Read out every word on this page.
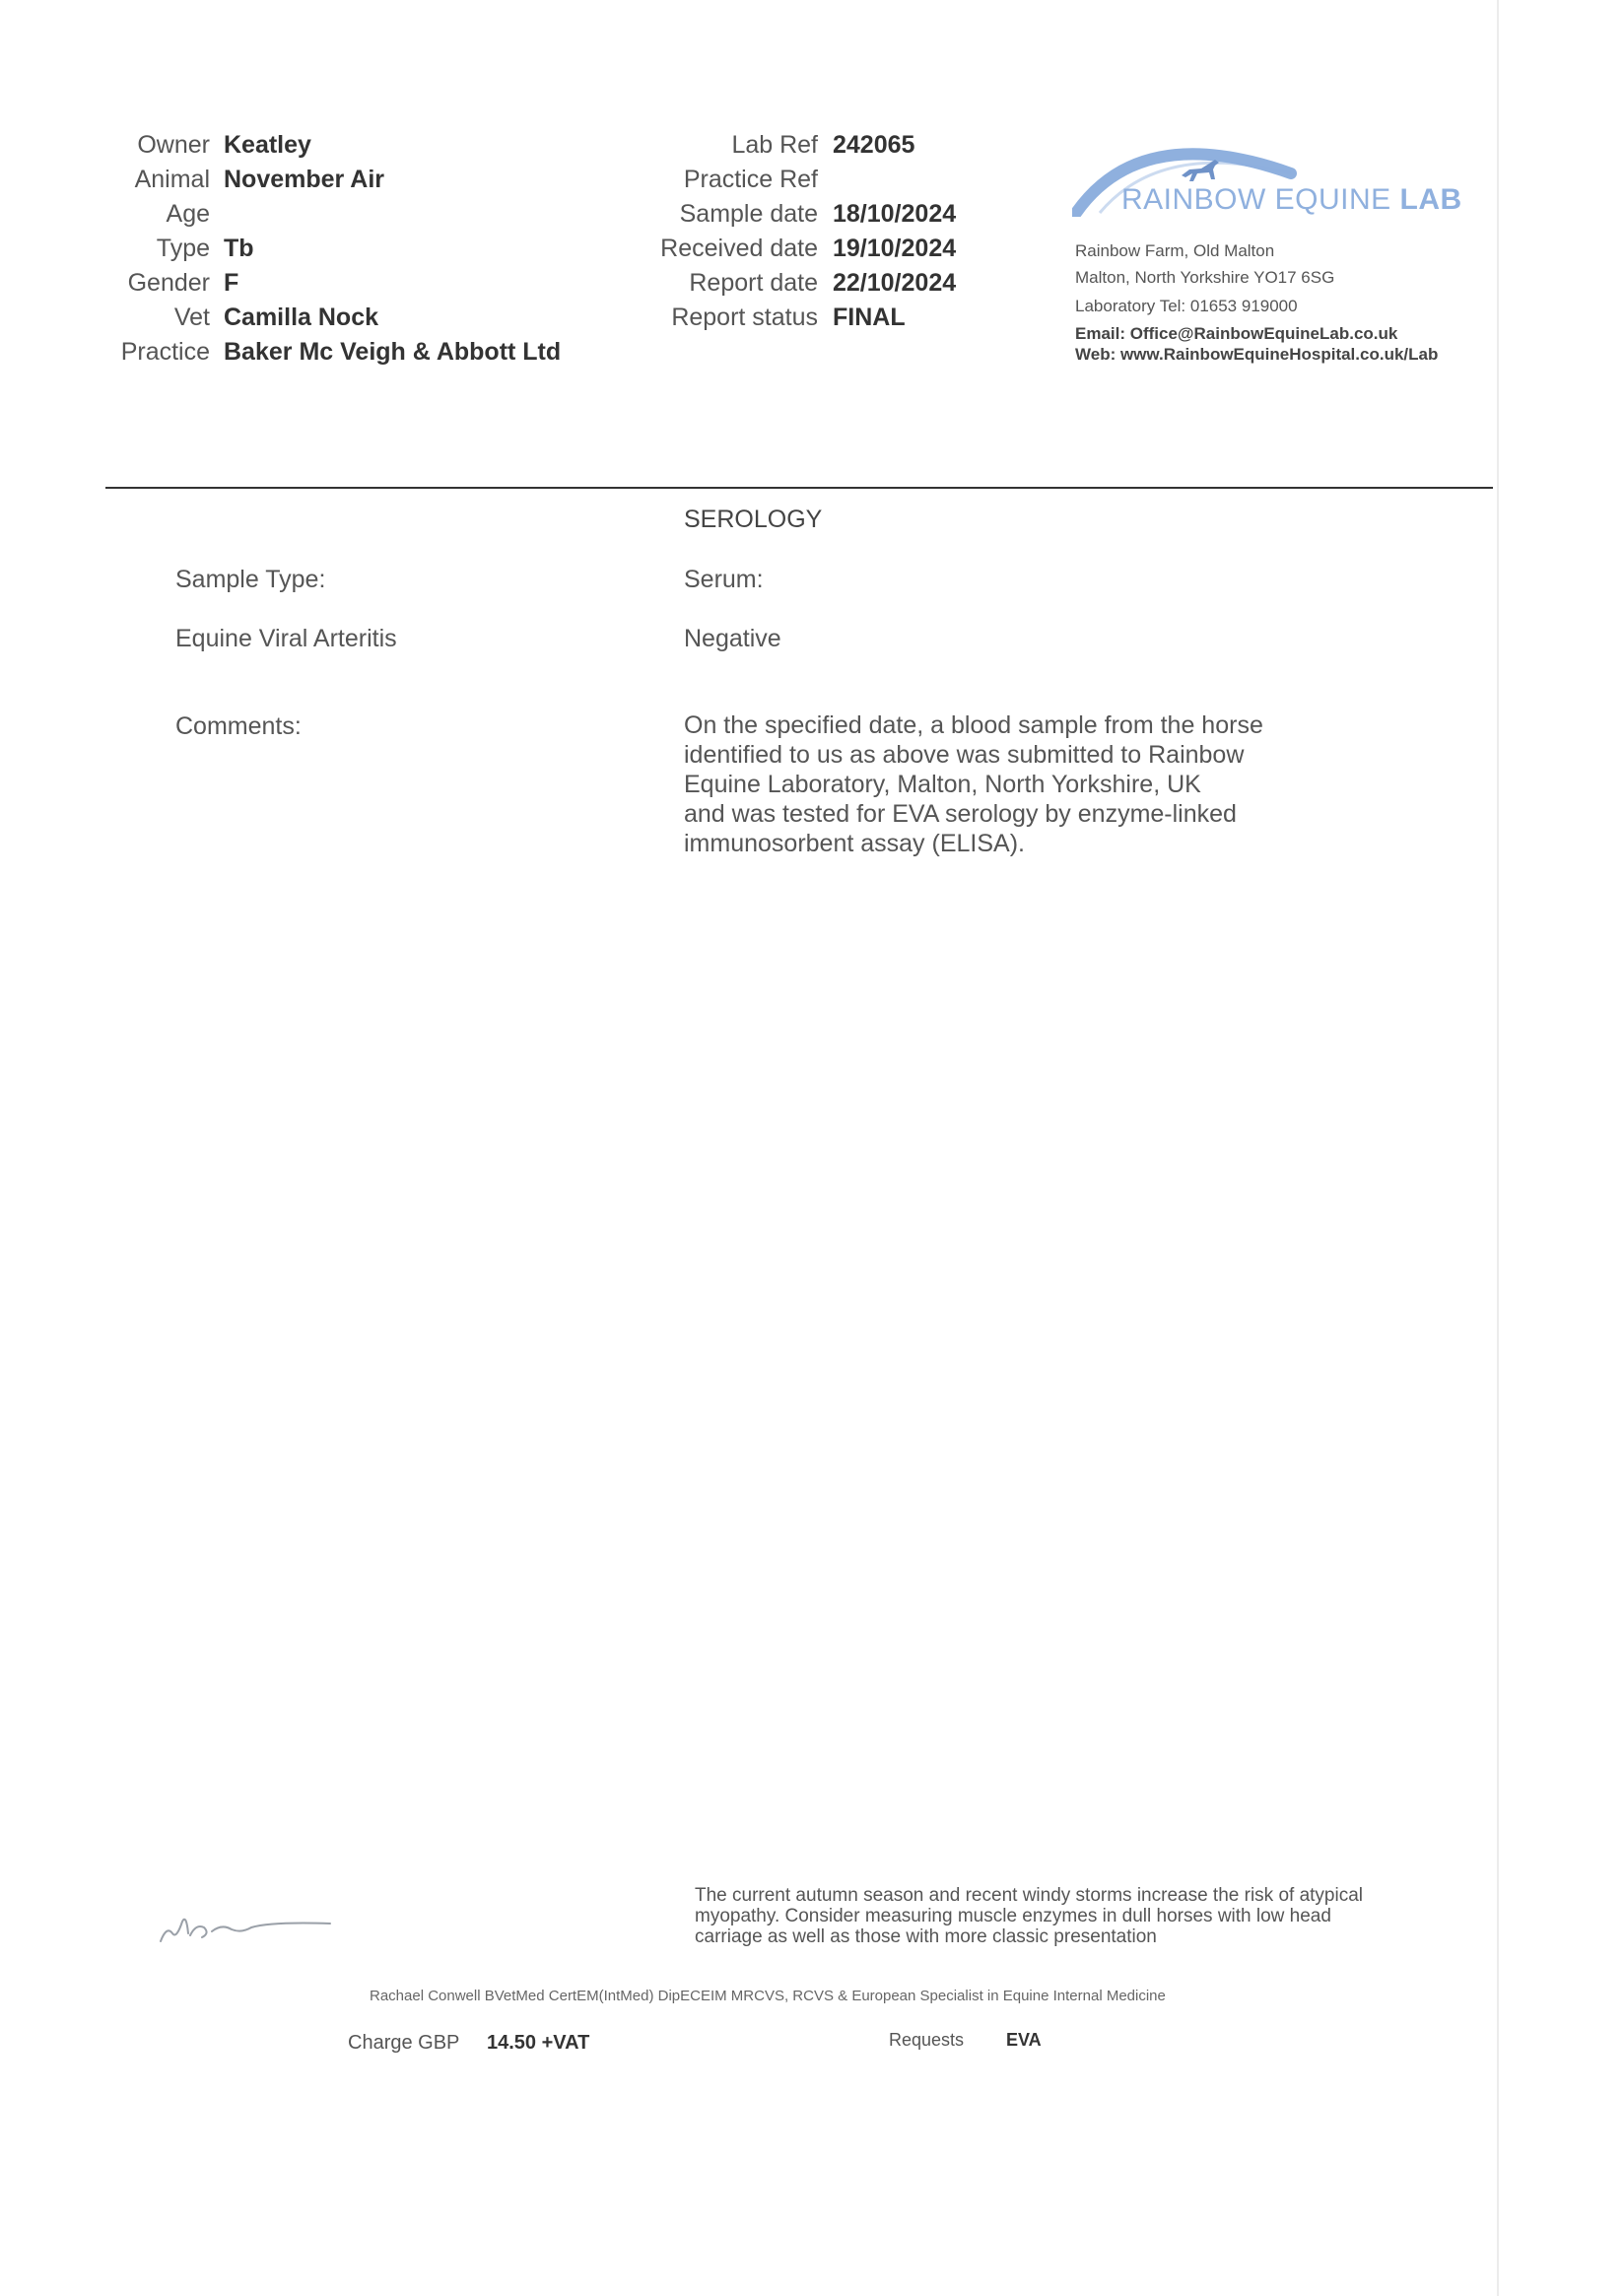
Owner Keatley
Animal November Air
Age
Type Tb
Gender F
Vet Camilla Nock
Practice Baker Mc Veigh & Abbott Ltd
Lab Ref 242065
Practice Ref
Sample date 18/10/2024
Received date 19/10/2024
Report date 22/10/2024
Report status FINAL
RAINBOW EQUINE LAB
Rainbow Farm, Old Malton
Malton, North Yorkshire YO17 6SG
Laboratory Tel: 01653 919000
Email: Office@RainbowEquineLab.co.uk
Web: www.RainbowEquineHospital.co.uk/Lab
SEROLOGY
Sample Type:	Serum:
Equine Viral Arteritis	Negative
Comments:	On the specified date, a blood sample from the horse
identified to us as above was submitted to Rainbow
Equine Laboratory, Malton, North Yorkshire, UK
and was tested for EVA serology by enzyme-linked
immunosorbent assay (ELISA).
The current autumn season and recent windy storms increase the risk of atypical
myopathy. Consider measuring muscle enzymes in dull horses with low head
carriage as well as those with more classic presentation
Rachael Conwell BVetMed CertEM(IntMed) DipECEIM MRCVS, RCVS & European Specialist in Equine Internal Medicine
Charge GBP 14.50 +VAT	Requests EVA
